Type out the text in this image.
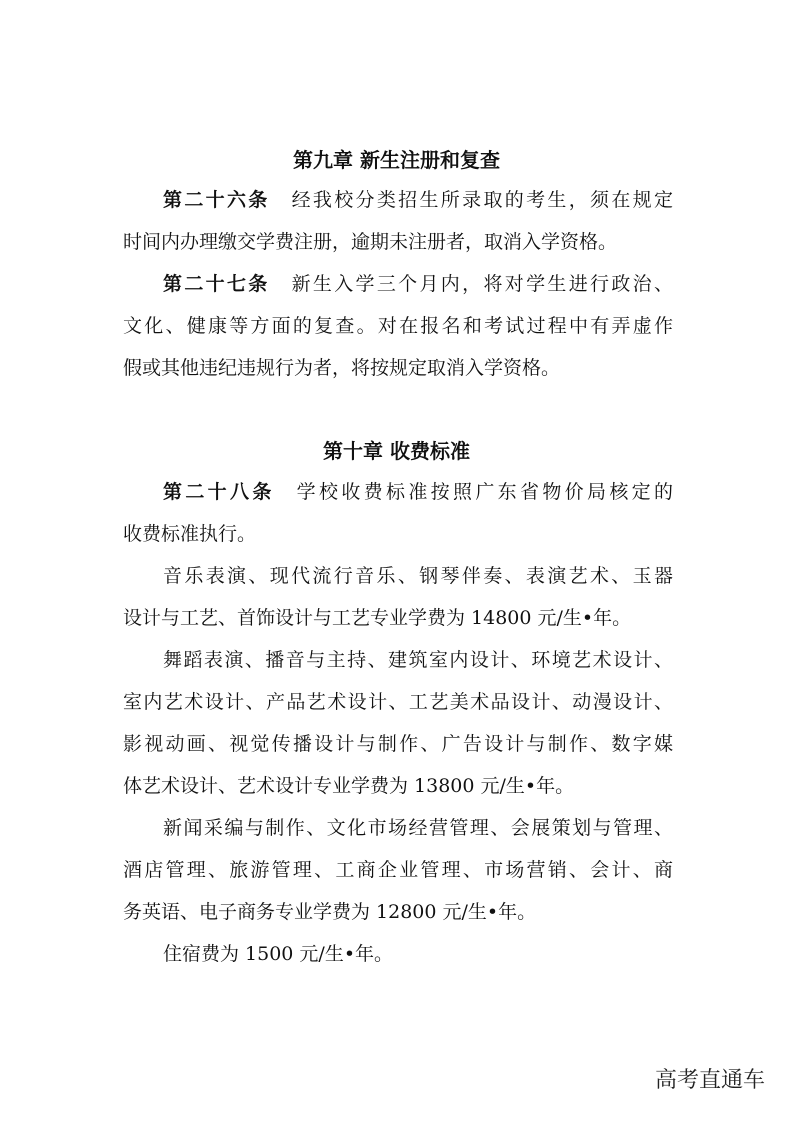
第九章 新生注册和复查
第二十六条 经我校分类招生所录取的考生，须在规定
时间内办理缴交学费注册，逾期未注册者，取消入学资格。
第二十七条 新生入学三个月内，将对学生进行政治、
文化、健康等方面的复查。对在报名和考试过程中有弄虚作
假或其他违纪违规行为者，将按规定取消入学资格。
第十章 收费标准
第二十八条 学校收费标准按照广东省物价局核定的
收费标准执行。
音乐表演、现代流行音乐、钢琴伴奏、表演艺术、玉器
设计与工艺、首饰设计与工艺专业学费为 14800 元/生•年。
舞蹈表演、播音与主持、建筑室内设计、环境艺术设计、
室内艺术设计、产品艺术设计、工艺美术品设计、动漫设计、
影视动画、视觉传播设计与制作、广告设计与制作、数字媒
体艺术设计、艺术设计专业学费为 13800 元/生•年。
新闻采编与制作、文化市场经营管理、会展策划与管理、
酒店管理、旅游管理、工商企业管理、市场营销、会计、商
务英语、电子商务专业学费为 12800 元/生•年。
住宿费为 1500 元/生•年。
高考直通车
